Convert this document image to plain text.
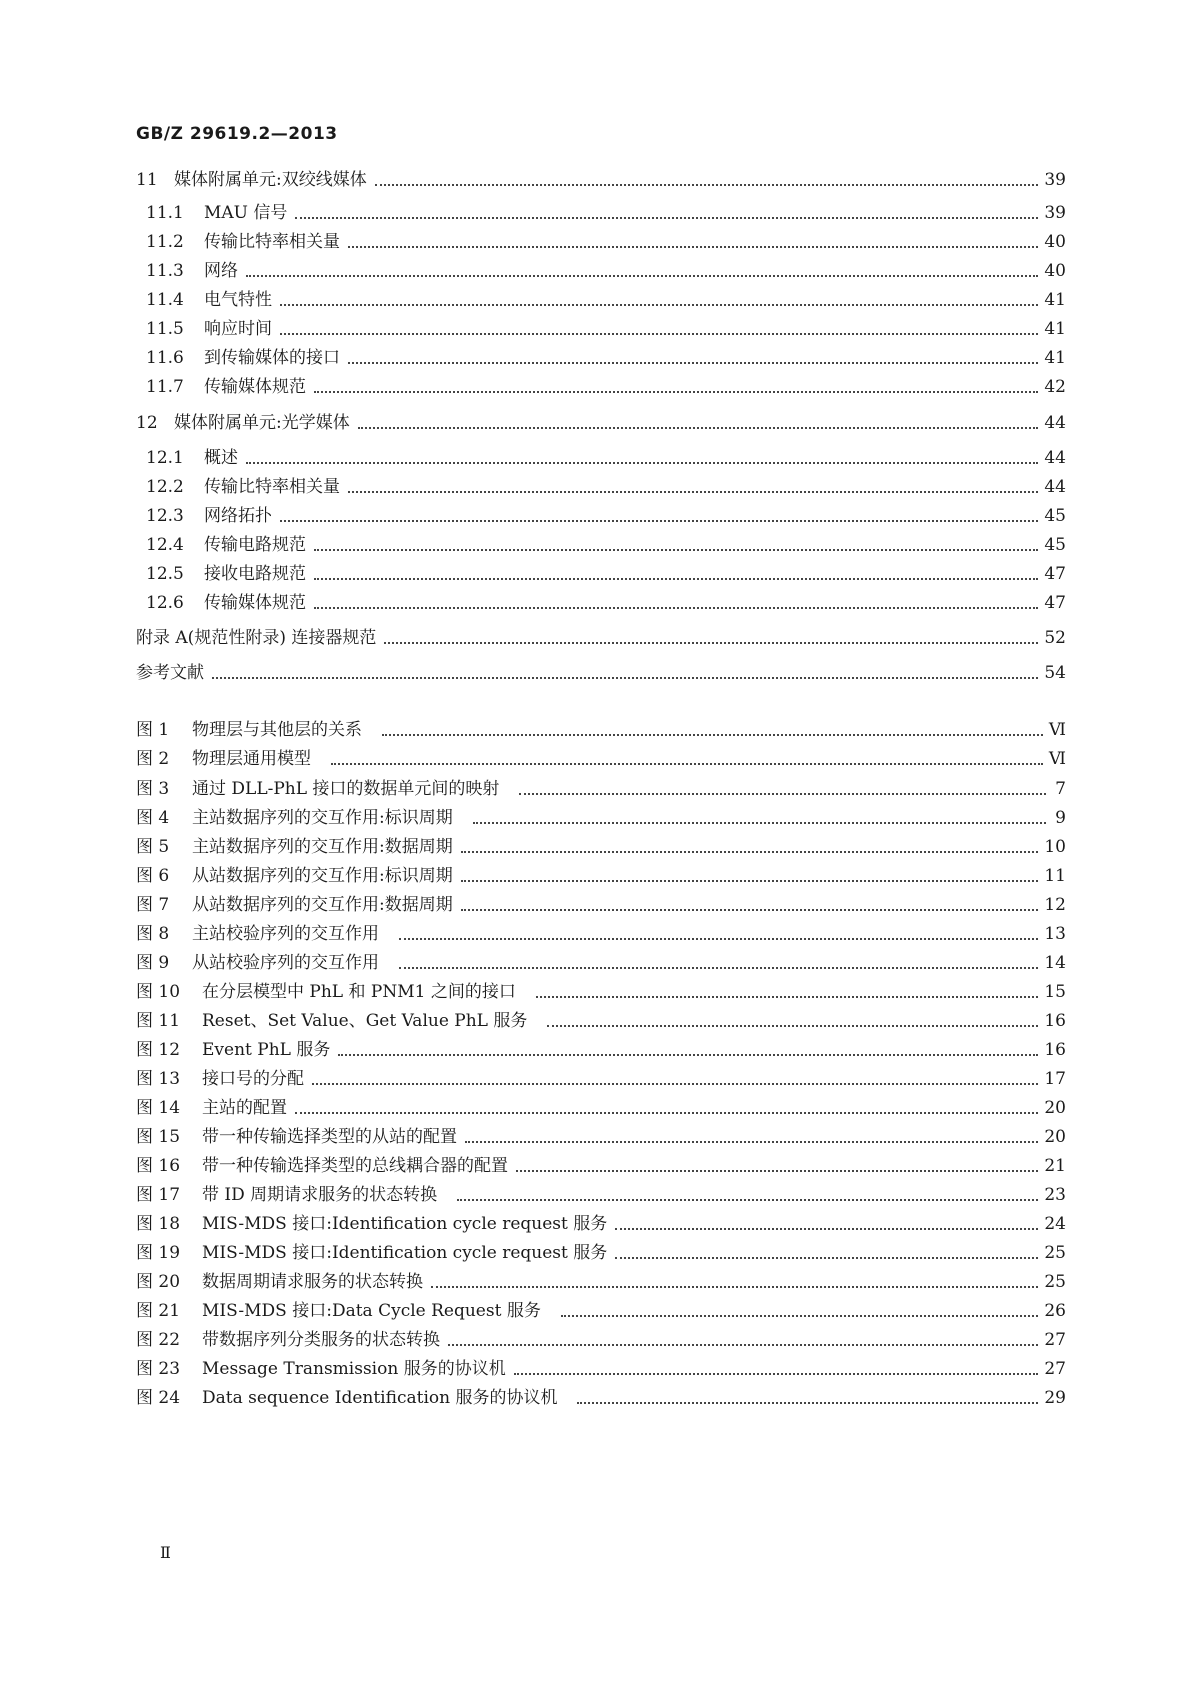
GB/Z 29619.2—2013
11 媒体附属单元:双绞线媒体	39
11.1	MAU 信号	39
11.2	传输比特率相关量	40
11.3	网络	40
11.4	电气特性	41
11.5	响应时间	41
11.6	到传输媒体的接口	41
11.7	传输媒体规范	42
12 媒体附属单元:光学媒体	44
12.1	概述	44
12.2	传输比特率相关量	44
12.3	网络拓扑	45
12.4	传输电路规范	45
12.5	接收电路规范	47
12.6	传输媒体规范	47
附录 A(规范性附录) 连接器规范	52
参考文献	54
图 1	物理层与其他层的关系	Ⅵ
图 2	物理层通用模型	Ⅵ
图 3	通过 DLL-PhL 接口的数据单元间的映射	7
图 4	主站数据序列的交互作用:标识周期	9
图 5	主站数据序列的交互作用:数据周期	10
图 6	从站数据序列的交互作用:标识周期	11
图 7	从站数据序列的交互作用:数据周期	12
图 8	主站校验序列的交互作用	13
图 9	从站校验序列的交互作用	14
图 10	在分层模型中 PhL 和 PNM1 之间的接口	15
图 11	Reset、Set Value、Get Value PhL 服务	16
图 12	Event PhL 服务	16
图 13	接口号的分配	17
图 14	主站的配置	20
图 15	带一种传输选择类型的从站的配置	20
图 16	带一种传输选择类型的总线耦合器的配置	21
图 17	带 ID 周期请求服务的状态转换	23
图 18	MIS-MDS 接口:Identification cycle request 服务	24
图 19	MIS-MDS 接口:Identification cycle request 服务	25
图 20	数据周期请求服务的状态转换	25
图 21	MIS-MDS 接口:Data Cycle Request 服务	26
图 22	带数据序列分类服务的状态转换	27
图 23	Message Transmission 服务的协议机	27
图 24	Data sequence Identification 服务的协议机	29
Ⅱ
